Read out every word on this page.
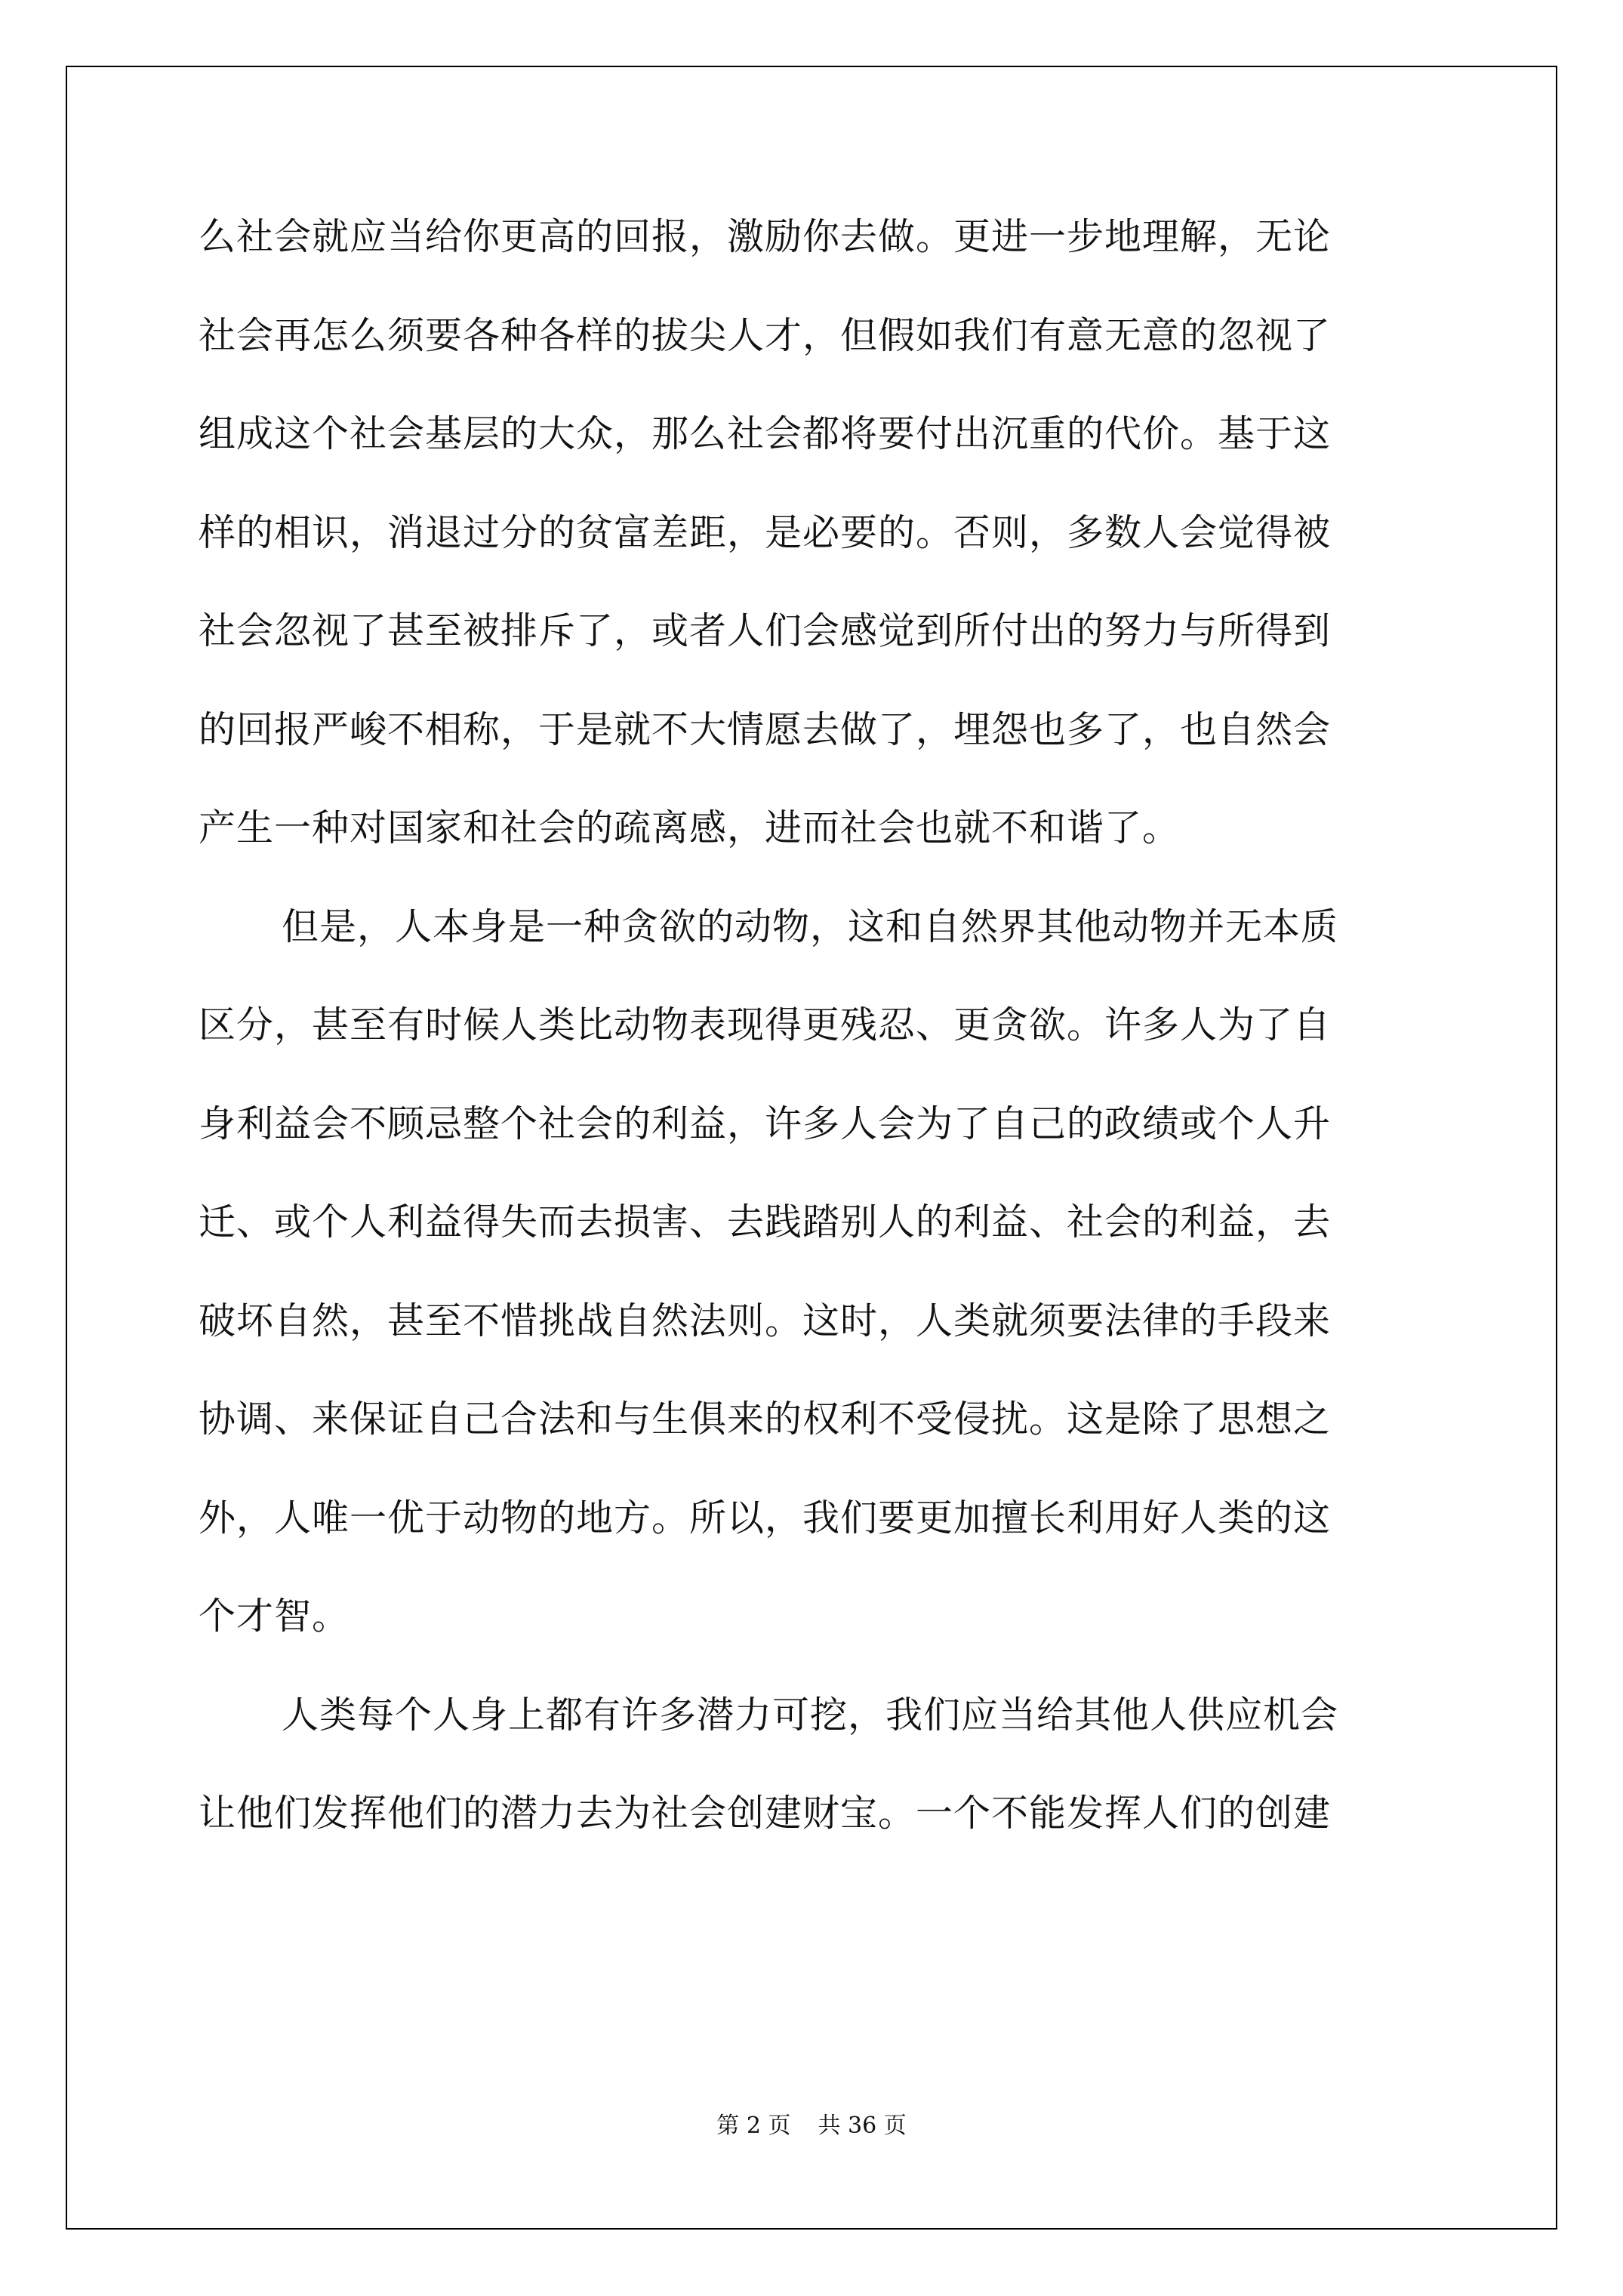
么社会就应当给你更高的回报，激励你去做。更进一步地理解，无论
社会再怎么须要各种各样的拔尖人才，但假如我们有意无意的忽视了
组成这个社会基层的大众，那么社会都将要付出沉重的代价。基于这
样的相识，消退过分的贫富差距，是必要的。否则，多数人会觉得被
社会忽视了甚至被排斥了，或者人们会感觉到所付出的努力与所得到
的回报严峻不相称，于是就不大情愿去做了，埋怨也多了，也自然会
产生一种对国家和社会的疏离感，进而社会也就不和谐了。
但是，人本身是一种贪欲的动物，这和自然界其他动物并无本质
区分，甚至有时候人类比动物表现得更残忍、更贪欲。许多人为了自
身利益会不顾忌整个社会的利益，许多人会为了自己的政绩或个人升
迁、或个人利益得失而去损害、去践踏别人的利益、社会的利益，去
破坏自然，甚至不惜挑战自然法则。这时，人类就须要法律的手段来
协调、来保证自己合法和与生俱来的权利不受侵扰。这是除了思想之
外，人唯一优于动物的地方。所以，我们要更加擅长利用好人类的这
个才智。
人类每个人身上都有许多潜力可挖，我们应当给其他人供应机会
让他们发挥他们的潜力去为社会创建财宝。一个不能发挥人们的创建
第 2 页 共 36 页
